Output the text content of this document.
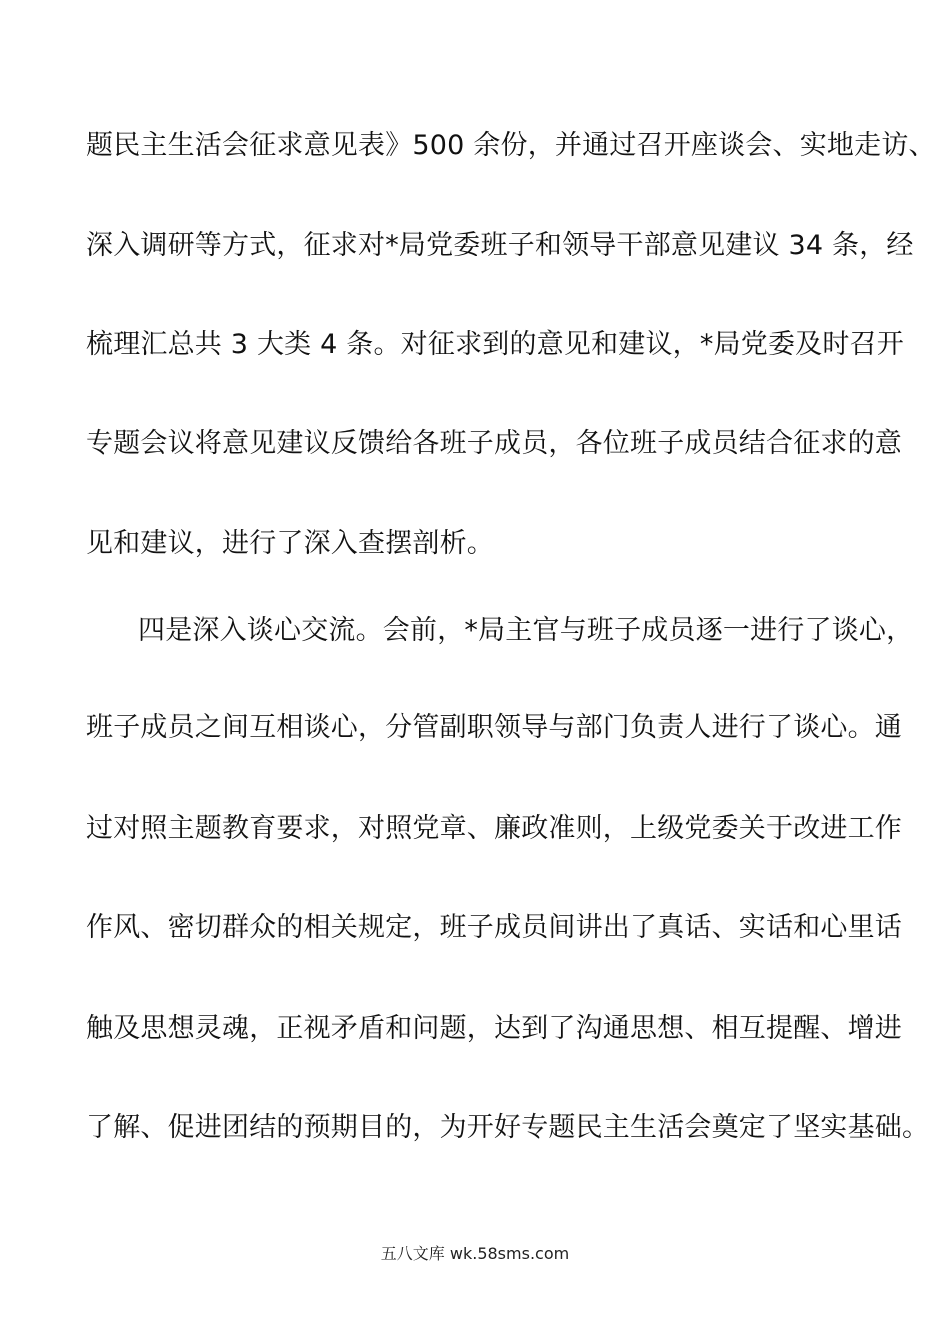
题民主生活会征求意见表》500 余份，并通过召开座谈会、实地走访、
深入调研等方式，征求对*局党委班子和领导干部意见建议 34 条，经
梳理汇总共 3 大类 4 条。对征求到的意见和建议，*局党委及时召开
专题会议将意见建议反馈给各班子成员，各位班子成员结合征求的意
见和建议，进行了深入查摆剖析。
四是深入谈心交流。会前，*局主官与班子成员逐一进行了谈心，
班子成员之间互相谈心，分管副职领导与部门负责人进行了谈心。通
过对照主题教育要求，对照党章、廉政准则，上级党委关于改进工作
作风、密切群众的相关规定，班子成员间讲出了真话、实话和心里话
触及思想灵魂，正视矛盾和问题，达到了沟通思想、相互提醒、增进
了解、促进团结的预期目的，为开好专题民主生活会奠定了坚实基础。
五八文库 wk.58sms.com
